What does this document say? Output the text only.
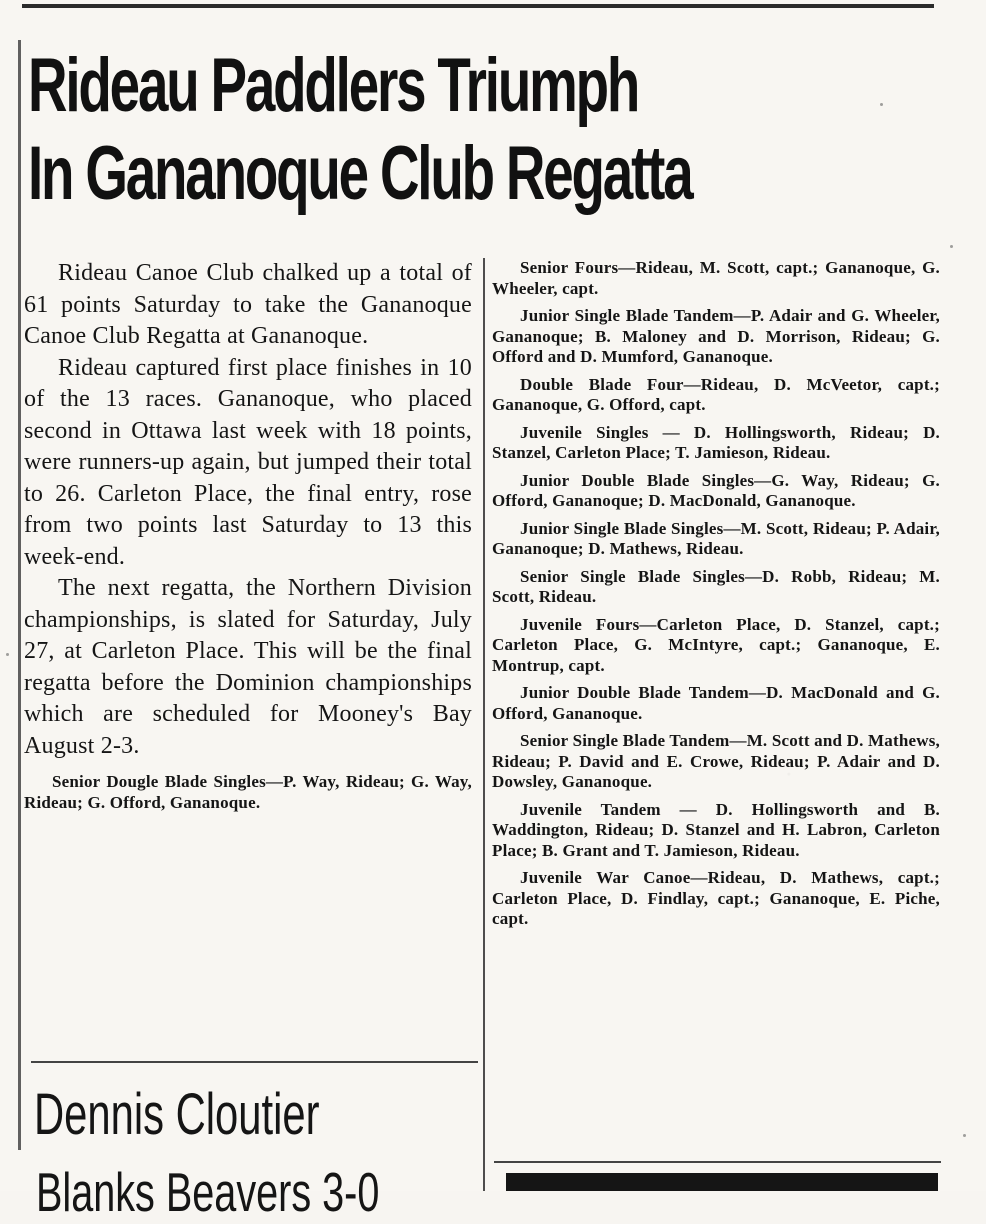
Rideau Paddlers Triumph
In Gananoque Club Regatta

Rideau Canoe Club chalked up a total of 61 points Saturday to take the Gananoque Canoe Club Regatta at Gananoque.

Rideau captured first place finishes in 10 of the 13 races. Gananoque, who placed second in Ottawa last week with 18 points, were runners-up again, but jumped their total to 26. Carleton Place, the final entry, rose from two points last Saturday to 13 this week-end.

The next regatta, the Northern Division championships, is slated for Saturday, July 27, at Carleton Place. This will be the final regatta before the Dominion championships which are scheduled for Mooney's Bay August 2-3.

Senior Dougle Blade Singles—P. Way, Rideau; G. Way, Rideau; G. Offord, Gananoque.
Senior Fours—Rideau, M. Scott, capt.; Gananoque, G. Wheeler, capt.
Junior Single Blade Tandem—P. Adair and G. Wheeler, Gananoque; B. Maloney and D. Morrison, Rideau; G. Offord and D. Mumford, Gananoque.
Double Blade Four—Rideau, D. McVeetor, capt.; Gananoque, G. Offord, capt.
Juvenile Singles — D. Hollingsworth, Rideau; D. Stanzel, Carleton Place; T. Jamieson, Rideau.
Junior Double Blade Singles—G. Way, Rideau; G. Offord, Gananoque; D. MacDonald, Gananoque.
Junior Single Blade Singles—M. Scott, Rideau; P. Adair, Gananoque; D. Mathews, Rideau.
Senior Single Blade Singles—D. Robb, Rideau; M. Scott, Rideau.
Juvenile Fours—Carleton Place, D. Stanzel, capt.; Carleton Place, G. McIntyre, capt.; Gananoque, E. Montrup, capt.
Junior Double Blade Tandem—D. MacDonald and G. Offord, Gananoque.
Senior Single Blade Tandem—M. Scott and D. Mathews, Rideau; P. David and E. Crowe, Rideau; P. Adair and D. Dowsley, Gananoque.
Juvenile Tandem — D. Hollingsworth and B. Waddington, Rideau; D. Stanzel and H. Labron, Carleton Place; B. Grant and T. Jamieson, Rideau.
Juvenile War Canoe—Rideau, D. Mathews, capt.; Carleton Place, D. Findlay, capt.; Gananoque, E. Piche, capt.
Dennis Cloutier
Blanks Beavers 3-0
